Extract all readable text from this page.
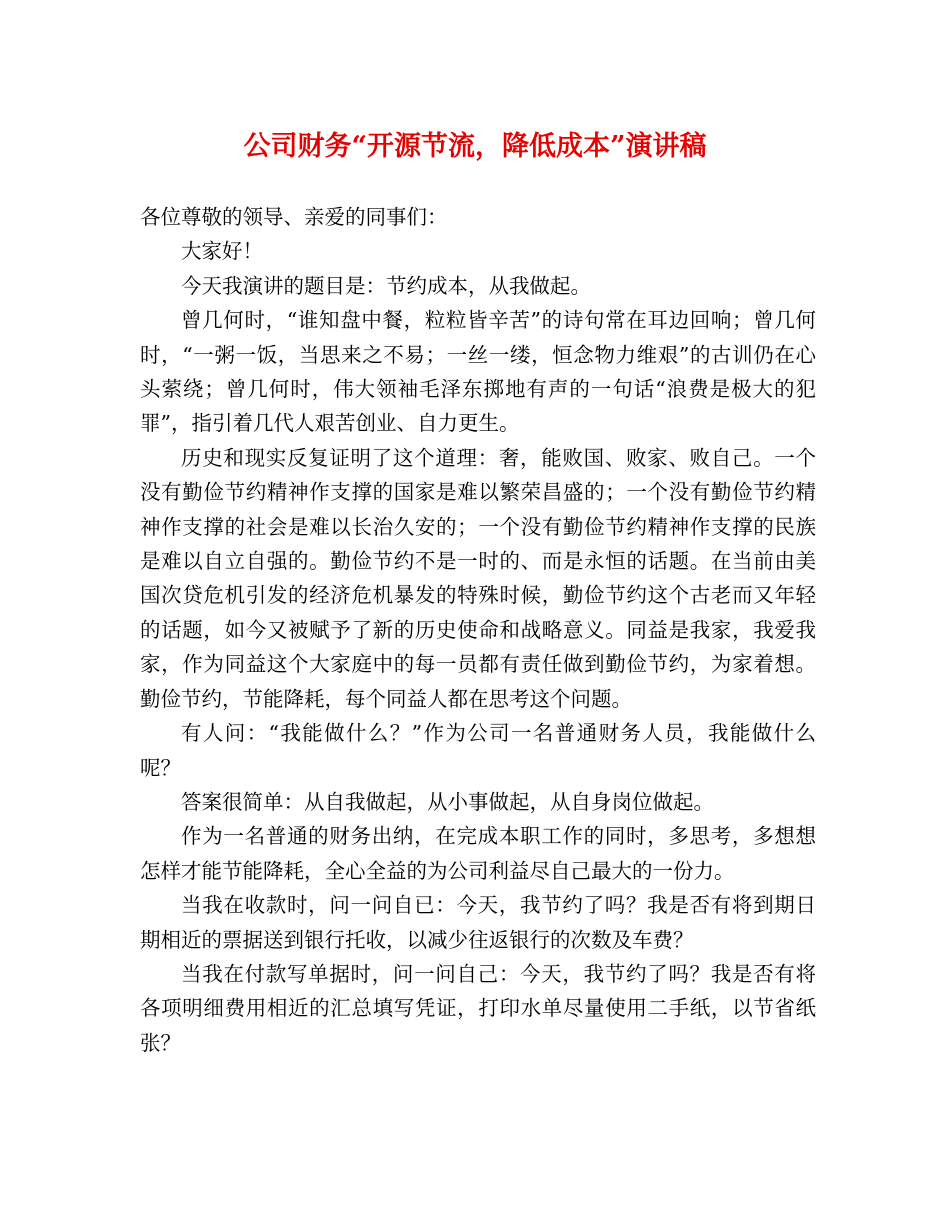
公司财务“开源节流，降低成本”演讲稿

各位尊敬的领导、亲爱的同事们：

大家好！

今天我演讲的题目是：节约成本，从我做起。

曾几何时，“谁知盘中餐，粒粒皆辛苦”的诗句常在耳边回响；曾几何时，“一粥一饭，当思来之不易；一丝一缕，恒念物力维艰”的古训仍在心头萦绕；曾几何时，伟大领袖毛泽东掷地有声的一句话“浪费是极大的犯罪”，指引着几代人艰苦创业、自力更生。

历史和现实反复证明了这个道理：奢，能败国、败家、败自己。一个没有勤俭节约精神作支撑的国家是难以繁荣昌盛的；一个没有勤俭节约精神作支撑的社会是难以长治久安的；一个没有勤俭节约精神作支撑的民族是难以自立自强的。勤俭节约不是一时的、而是永恒的话题。在当前由美国次贷危机引发的经济危机暴发的特殊时候，勤俭节约这个古老而又年轻的话题，如今又被赋予了新的历史使命和战略意义。同益是我家，我爱我家，作为同益这个大家庭中的每一员都有责任做到勤俭节约，为家着想。勤俭节约，节能降耗，每个同益人都在思考这个问题。

有人问：“我能做什么？”作为公司一名普通财务人员，我能做什么呢？

答案很简单：从自我做起，从小事做起，从自身岗位做起。

作为一名普通的财务出纳，在完成本职工作的同时，多思考，多想想怎样才能节能降耗，全心全益的为公司利益尽自己最大的一份力。

当我在收款时，问一问自已：今天，我节约了吗？我是否有将到期日期相近的票据送到银行托收，以减少往返银行的次数及车费？

当我在付款写单据时，问一问自己：今天，我节约了吗？我是否有将各项明细费用相近的汇总填写凭证，打印水单尽量使用二手纸，以节省纸张？
